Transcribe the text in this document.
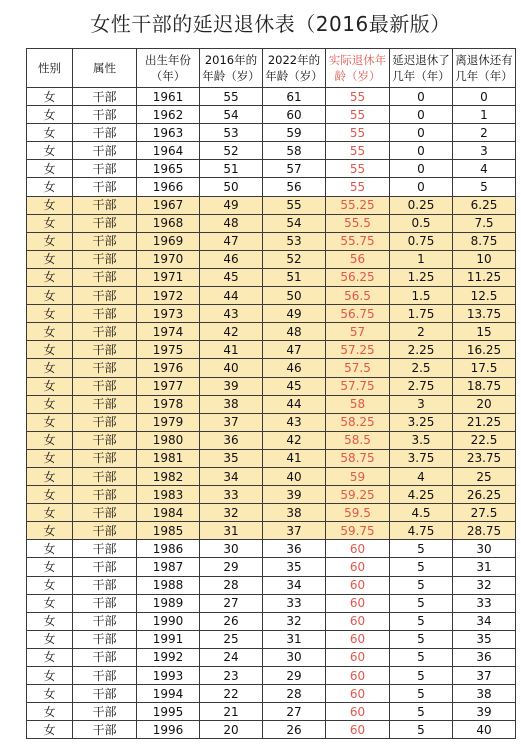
女性干部的延迟退休表（2016最新版）
性别	属性	出生年份（年）	2016年的年龄（岁）	2022年的年龄（岁）	实际退休年龄（岁）	延迟退休了几年（年）	离退休还有几年（年）
女	干部	1961	55	61	55	0	0
女	干部	1962	54	60	55	0	1
女	干部	1963	53	59	55	0	2
女	干部	1964	52	58	55	0	3
女	干部	1965	51	57	55	0	4
女	干部	1966	50	56	55	0	5
女	干部	1967	49	55	55.25	0.25	6.25
女	干部	1968	48	54	55.5	0.5	7.5
女	干部	1969	47	53	55.75	0.75	8.75
女	干部	1970	46	52	56	1	10
女	干部	1971	45	51	56.25	1.25	11.25
女	干部	1972	44	50	56.5	1.5	12.5
女	干部	1973	43	49	56.75	1.75	13.75
女	干部	1974	42	48	57	2	15
女	干部	1975	41	47	57.25	2.25	16.25
女	干部	1976	40	46	57.5	2.5	17.5
女	干部	1977	39	45	57.75	2.75	18.75
女	干部	1978	38	44	58	3	20
女	干部	1979	37	43	58.25	3.25	21.25
女	干部	1980	36	42	58.5	3.5	22.5
女	干部	1981	35	41	58.75	3.75	23.75
女	干部	1982	34	40	59	4	25
女	干部	1983	33	39	59.25	4.25	26.25
女	干部	1984	32	38	59.5	4.5	27.5
女	干部	1985	31	37	59.75	4.75	28.75
女	干部	1986	30	36	60	5	30
女	干部	1987	29	35	60	5	31
女	干部	1988	28	34	60	5	32
女	干部	1989	27	33	60	5	33
女	干部	1990	26	32	60	5	34
女	干部	1991	25	31	60	5	35
女	干部	1992	24	30	60	5	36
女	干部	1993	23	29	60	5	37
女	干部	1994	22	28	60	5	38
女	干部	1995	21	27	60	5	39
女	干部	1996	20	26	60	5	40
